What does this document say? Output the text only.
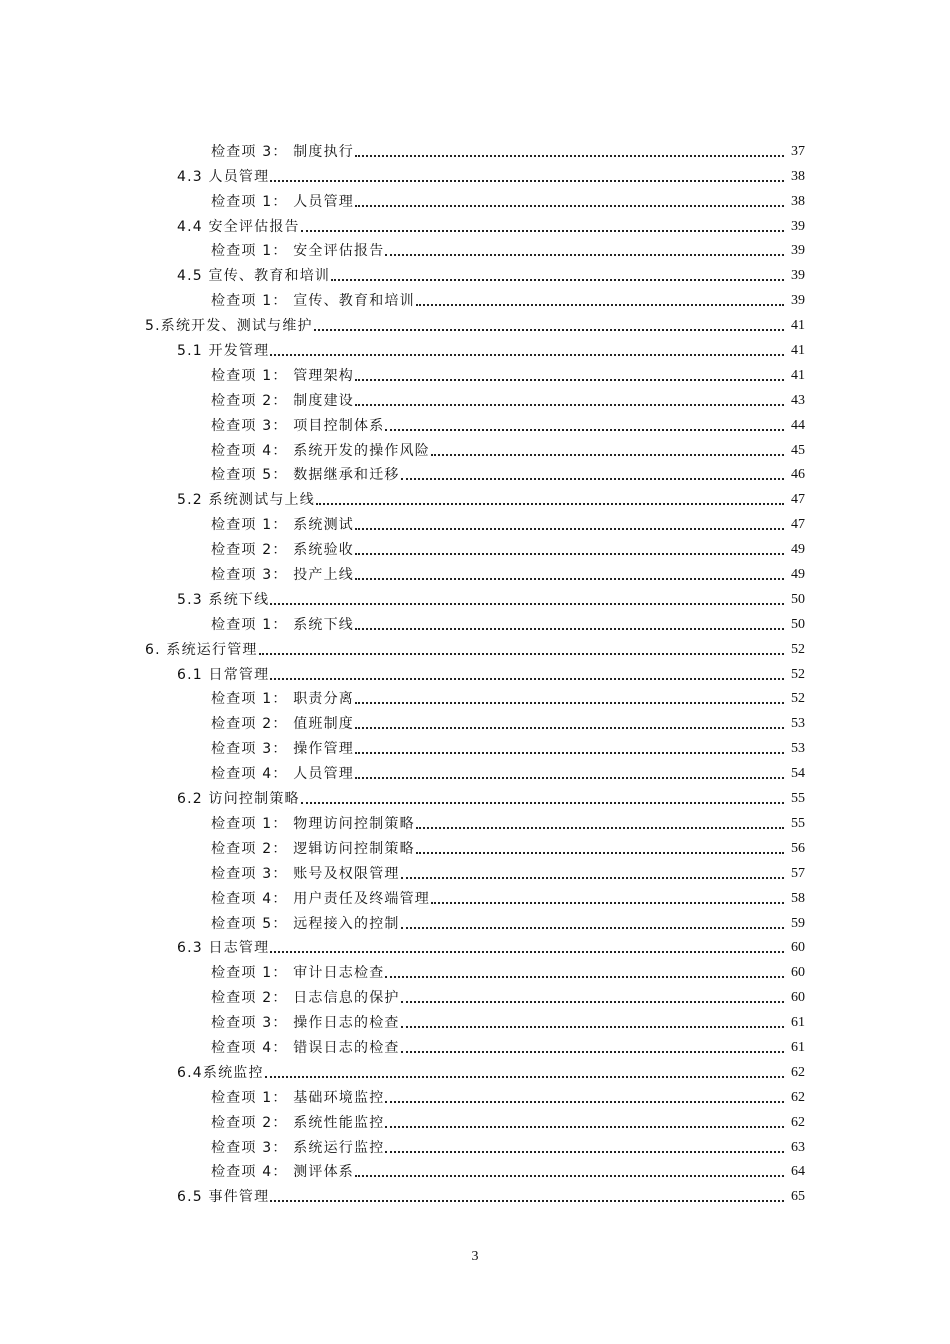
检查项 3： 制度执行	37
4.3 人员管理	38
检查项 1： 人员管理	38
4.4 安全评估报告	39
检查项 1： 安全评估报告	39
4.5 宣传、教育和培训	39
检查项 1： 宣传、教育和培训	39
5.系统开发、测试与维护	41
5.1 开发管理	41
检查项 1： 管理架构	41
检查项 2： 制度建设	43
检查项 3： 项目控制体系	44
检查项 4： 系统开发的操作风险	45
检查项 5： 数据继承和迁移	46
5.2 系统测试与上线	47
检查项 1： 系统测试	47
检查项 2： 系统验收	49
检查项 3： 投产上线	49
5.3 系统下线	50
检查项 1： 系统下线	50
6. 系统运行管理	52
6.1 日常管理	52
检查项 1： 职责分离	52
检查项 2： 值班制度	53
检查项 3： 操作管理	53
检查项 4： 人员管理	54
6.2 访问控制策略	55
检查项 1： 物理访问控制策略	55
检查项 2： 逻辑访问控制策略	56
检查项 3： 账号及权限管理	57
检查项 4： 用户责任及终端管理	58
检查项 5： 远程接入的控制	59
6.3 日志管理	60
检查项 1： 审计日志检查	60
检查项 2： 日志信息的保护	60
检查项 3： 操作日志的检查	61
检查项 4： 错误日志的检查	61
6.4系统监控	62
检查项 1： 基础环境监控	62
检查项 2： 系统性能监控	62
检查项 3： 系统运行监控	63
检查项 4： 测评体系	64
6.5 事件管理	65
3
